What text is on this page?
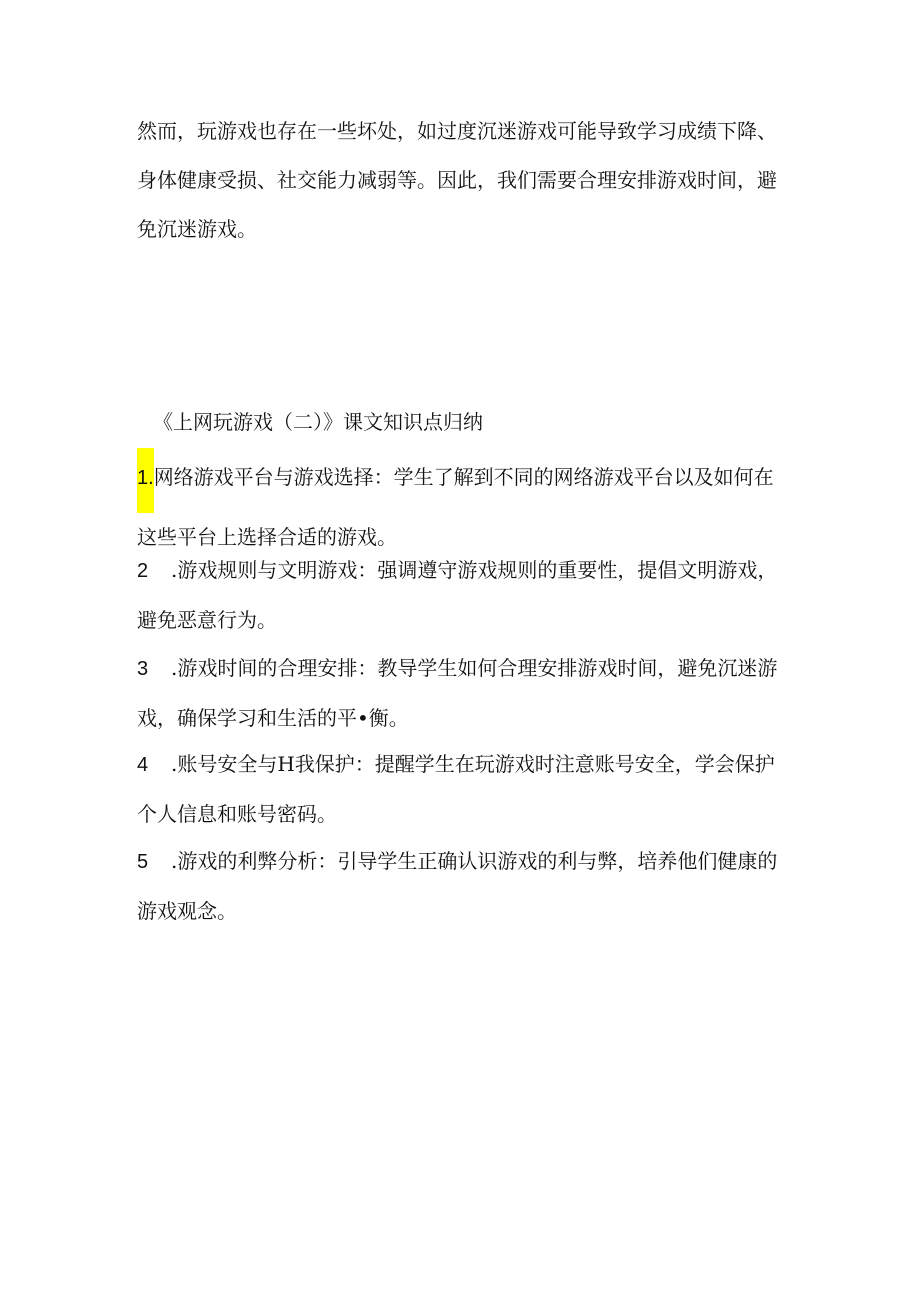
然而，玩游戏也存在一些坏处，如过度沉迷游戏可能导致学习成绩下降、身体健康受损、社交能力减弱等。因此，我们需要合理安排游戏时间，避免沉迷游戏。

《上网玩游戏（二）》课文知识点归纳

1.网络游戏平台与游戏选择：学生了解到不同的网络游戏平台以及如何在这些平台上选择合适的游戏。

2 .游戏规则与文明游戏：强调遵守游戏规则的重要性，提倡文明游戏，避免恶意行为。

3 .游戏时间的合理安排：教导学生如何合理安排游戏时间，避免沉迷游戏，确保学习和生活的平•衡。

4 .账号安全与H我保护：提醒学生在玩游戏时注意账号安全，学会保护个人信息和账号密码。

5 .游戏的利弊分析：引导学生正确认识游戏的利与弊，培养他们健康的游戏观念。
